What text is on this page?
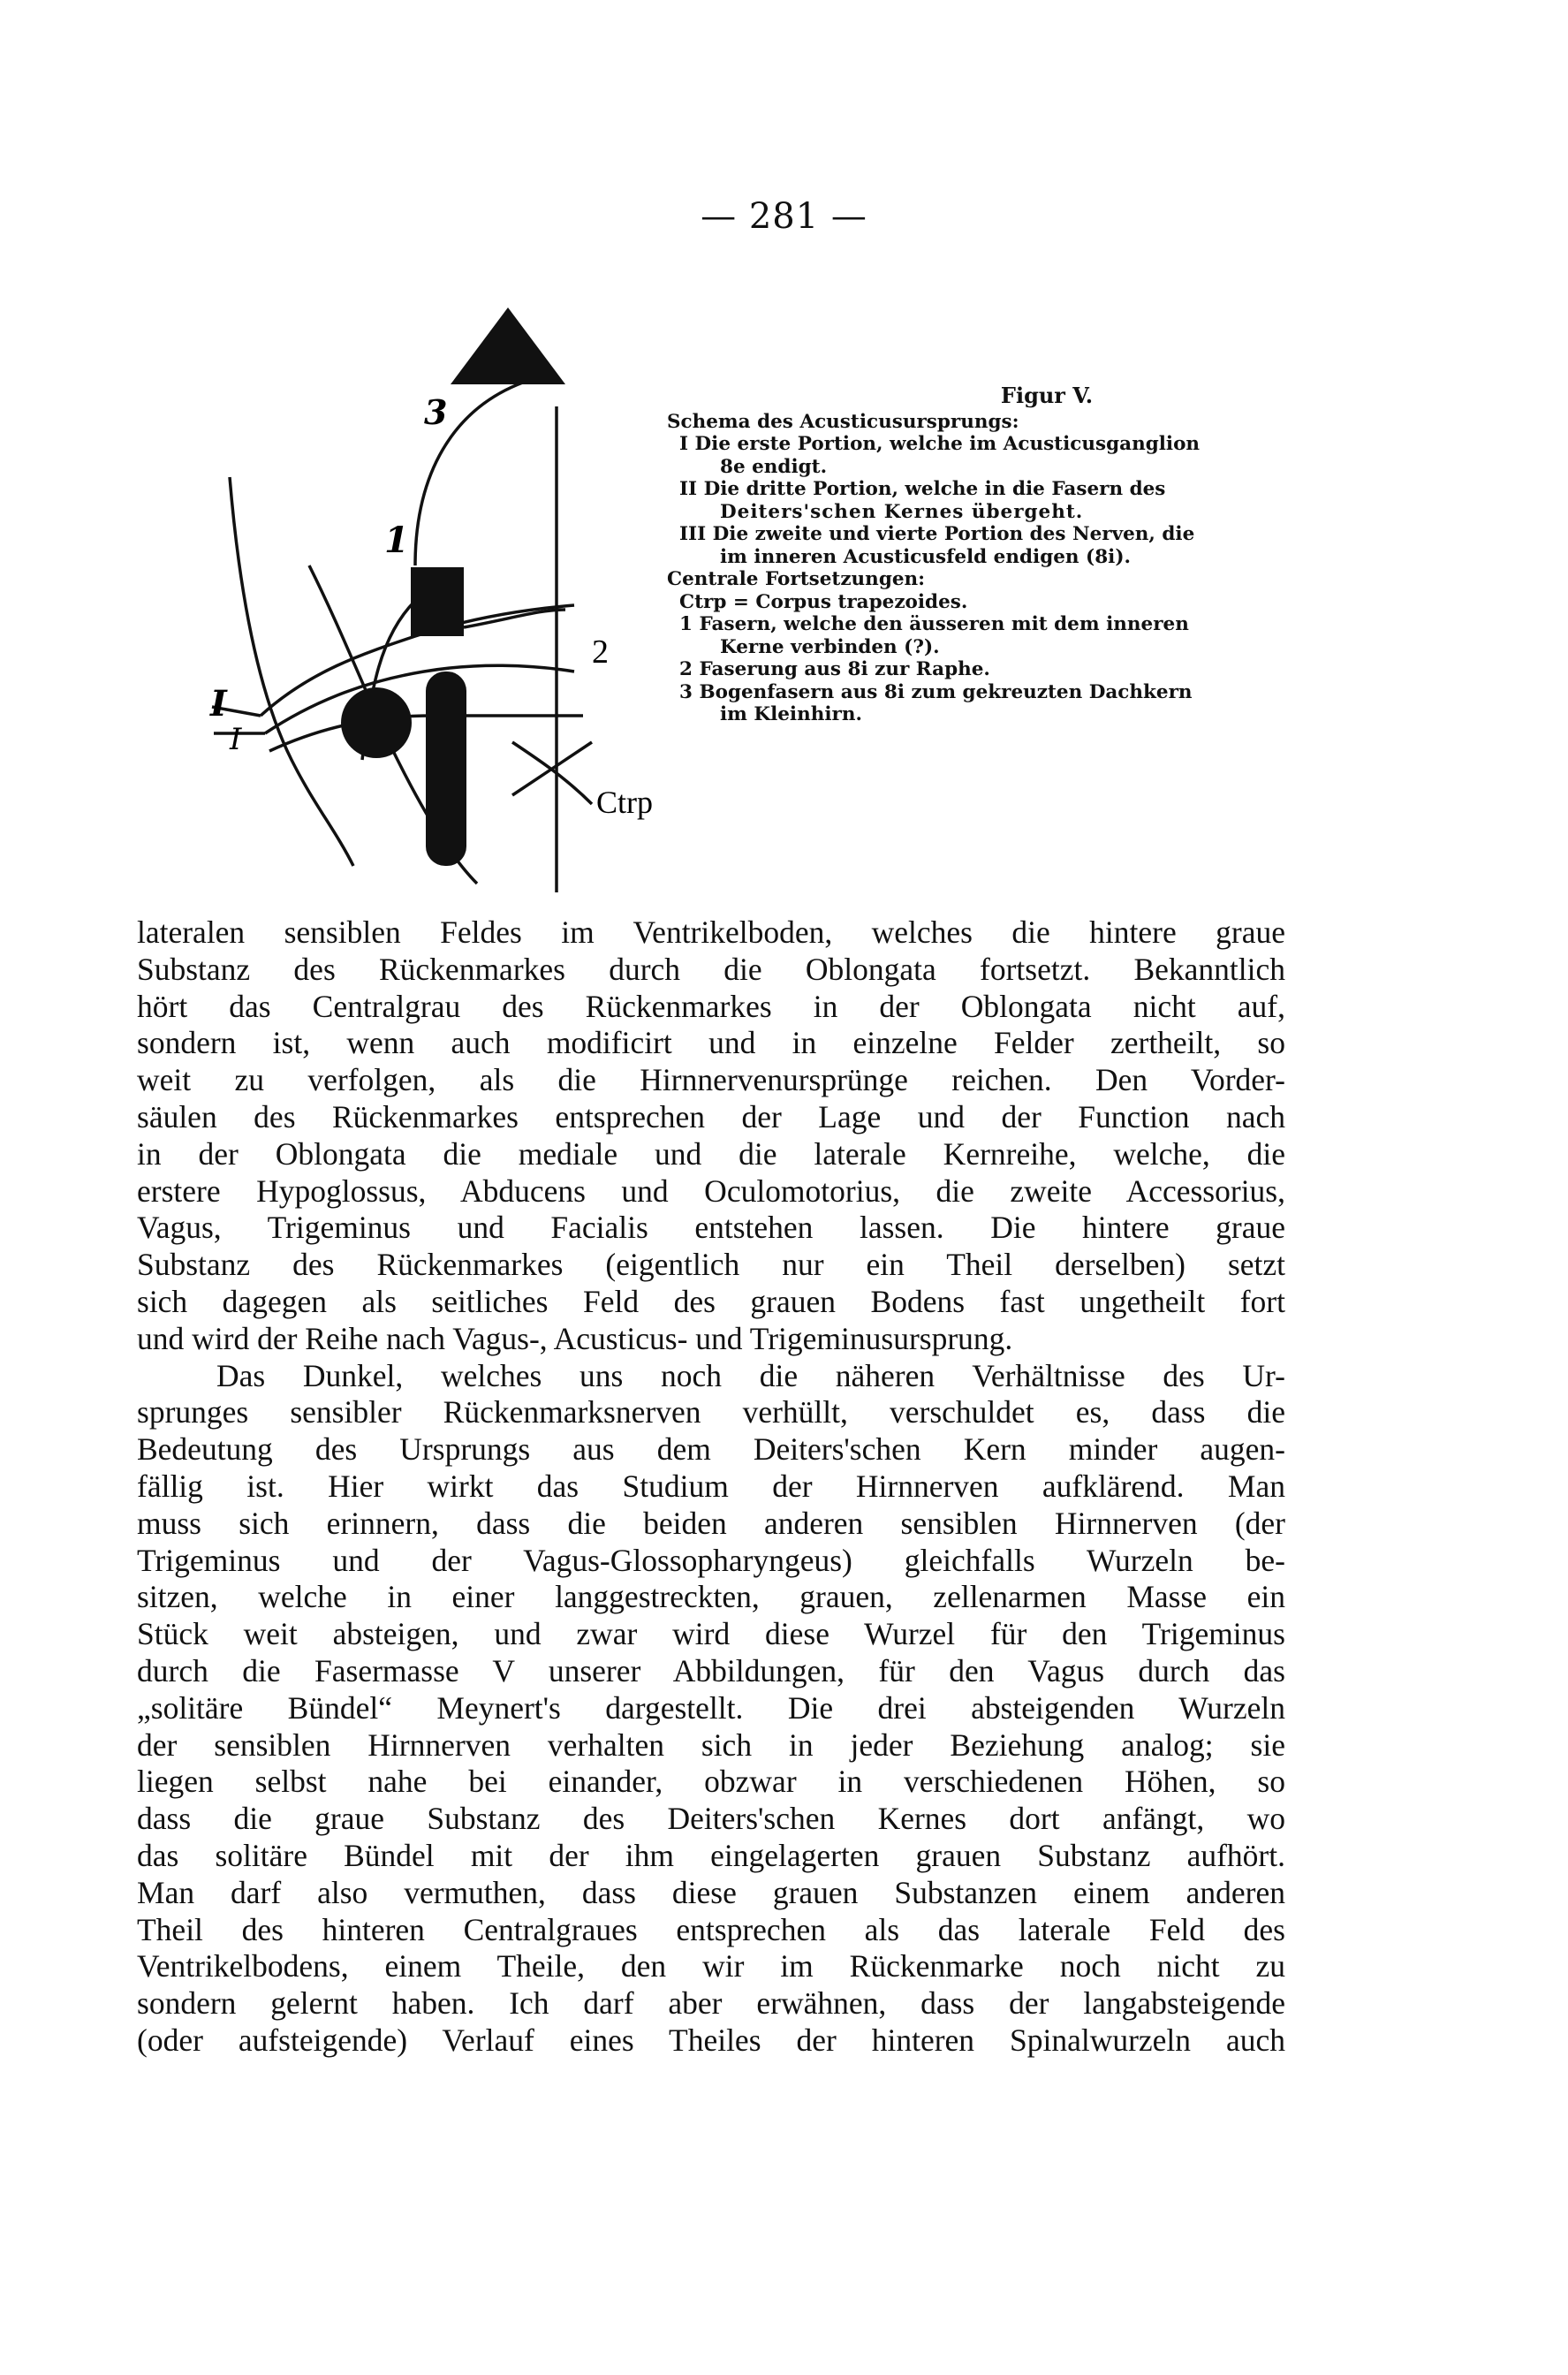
— 281 —
3
1
2
I
I
Ctrp
Figur V.
Schema des Acusticusursprungs:
I Die erste Portion, welche im Acusticusganglion
8e endigt.
II Die dritte Portion, welche in die Fasern des
Deiters'schen Kernes übergeht.
III Die zweite und vierte Portion des Nerven, die
im inneren Acusticusfeld endigen (8i).
Centrale Fortsetzungen:
Ctrp = Corpus trapezoides.
1 Fasern, welche den äusseren mit dem inneren
Kerne verbinden (?).
2 Faserung aus 8i zur Raphe.
3 Bogenfasern aus 8i zum gekreuzten Dachkern
im Kleinhirn.
lateralen sensiblen Feldes im Ventrikelboden, welches die hintere graue
Substanz des Rückenmarkes durch die Oblongata fortsetzt. Bekanntlich
hört das Centralgrau des Rückenmarkes in der Oblongata nicht auf,
sondern ist, wenn auch modificirt und in einzelne Felder zertheilt, so
weit zu verfolgen, als die Hirnnervenursprünge reichen. Den Vorder-
säulen des Rückenmarkes entsprechen der Lage und der Function nach
in der Oblongata die mediale und die laterale Kernreihe, welche, die
erstere Hypoglossus, Abducens und Oculomotorius, die zweite Accessorius,
Vagus, Trigeminus und Facialis entstehen lassen. Die hintere graue
Substanz des Rückenmarkes (eigentlich nur ein Theil derselben) setzt
sich dagegen als seitliches Feld des grauen Bodens fast ungetheilt fort
und wird der Reihe nach Vagus-, Acusticus- und Trigeminusursprung.
Das Dunkel, welches uns noch die näheren Verhältnisse des Ur-
sprunges sensibler Rückenmarksnerven verhüllt, verschuldet es, dass die
Bedeutung des Ursprungs aus dem Deiters'schen Kern minder augen-
fällig ist. Hier wirkt das Studium der Hirnnerven aufklärend. Man
muss sich erinnern, dass die beiden anderen sensiblen Hirnnerven (der
Trigeminus und der Vagus-Glossopharyngeus) gleichfalls Wurzeln be-
sitzen, welche in einer langgestreckten, grauen, zellenarmen Masse ein
Stück weit absteigen, und zwar wird diese Wurzel für den Trigeminus
durch die Fasermasse V unserer Abbildungen, für den Vagus durch das
„solitäre Bündel“ Meynert's dargestellt. Die drei absteigenden Wurzeln
der sensiblen Hirnnerven verhalten sich in jeder Beziehung analog; sie
liegen selbst nahe bei einander, obzwar in verschiedenen Höhen, so
dass die graue Substanz des Deiters'schen Kernes dort anfängt, wo
das solitäre Bündel mit der ihm eingelagerten grauen Substanz aufhört.
Man darf also vermuthen, dass diese grauen Substanzen einem anderen
Theil des hinteren Centralgraues entsprechen als das laterale Feld des
Ventrikelbodens, einem Theile, den wir im Rückenmarke noch nicht zu
sondern gelernt haben. Ich darf aber erwähnen, dass der langabsteigende
(oder aufsteigende) Verlauf eines Theiles der hinteren Spinalwurzeln auch
